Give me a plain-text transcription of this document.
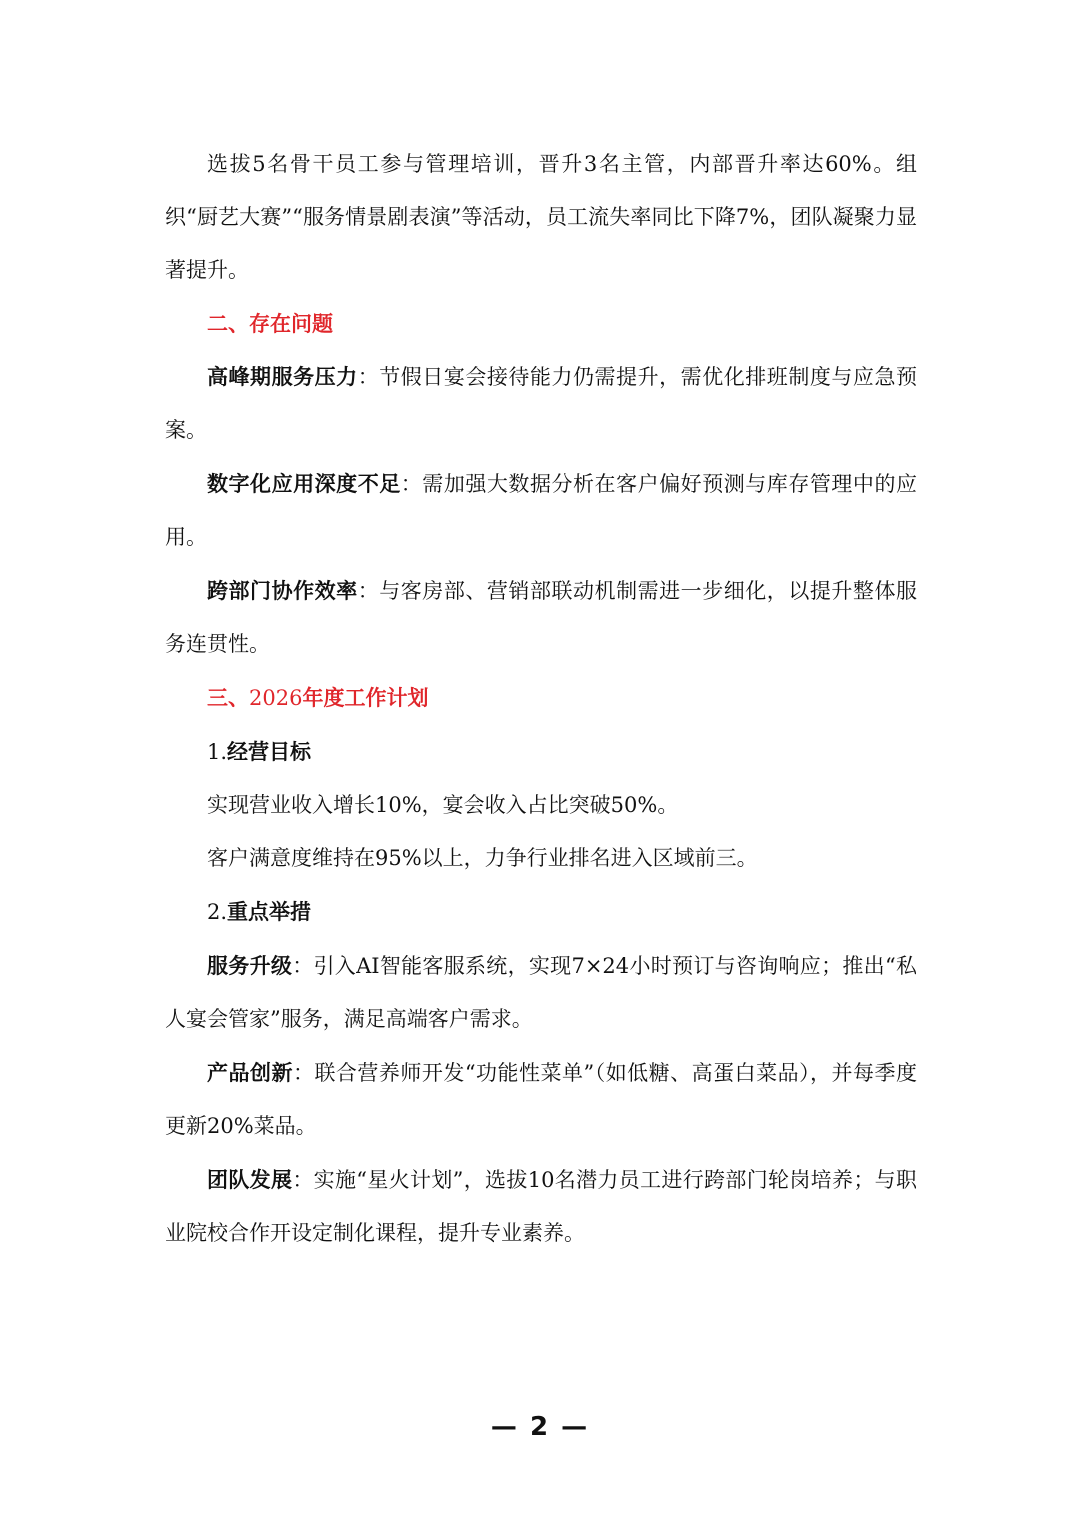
选拔5名骨干员工参与管理培训，晋升3名主管，内部晋升率达60%。组织“厨艺大赛”“服务情景剧表演”等活动，员工流失率同比下降7%，团队凝聚力显著提升。

二、存在问题

高峰期服务压力：节假日宴会接待能力仍需提升，需优化排班制度与应急预案。

数字化应用深度不足：需加强大数据分析在客户偏好预测与库存管理中的应用。

跨部门协作效率：与客房部、营销部联动机制需进一步细化，以提升整体服务连贯性。

三、2026年度工作计划

1.经营目标

实现营业收入增长10%，宴会收入占比突破50%。

客户满意度维持在95%以上，力争行业排名进入区域前三。

2.重点举措

服务升级：引入AI智能客服系统，实现7×24小时预订与咨询响应；推出“私人宴会管家”服务，满足高端客户需求。

产品创新：联合营养师开发“功能性菜单”（如低糖、高蛋白菜品），并每季度更新20%菜品。

团队发展：实施“星火计划”，选拔10名潜力员工进行跨部门轮岗培养；与职业院校合作开设定制化课程，提升专业素养。

— 2 —
